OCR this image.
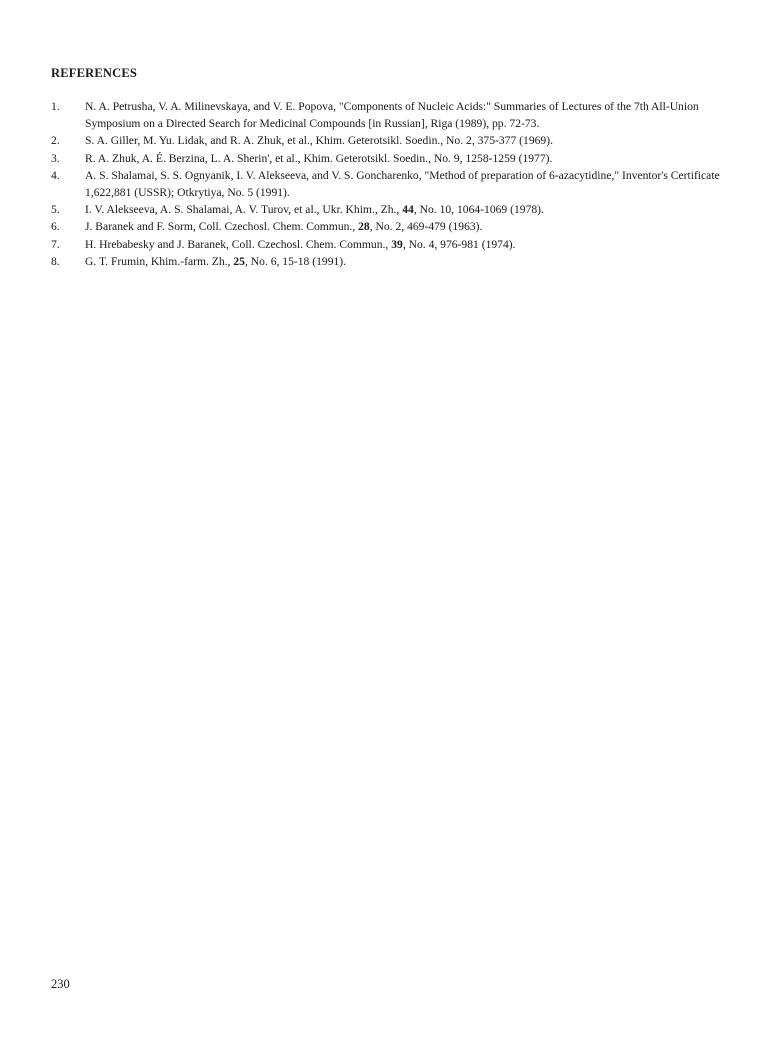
REFERENCES
1.	N. A. Petrusha, V. A. Milinevskaya, and V. E. Popova, "Components of Nucleic Acids:" Summaries of Lectures of the 7th All-Union Symposium on a Directed Search for Medicinal Compounds [in Russian], Riga (1989), pp. 72-73.
2.	S. A. Giller, M. Yu. Lidak, and R. A. Zhuk, et al., Khim. Geterotsikl. Soedin., No. 2, 375-377 (1969).
3.	R. A. Zhuk, A. É. Berzina, L. A. Sherin', et al., Khim. Geterotsikl. Soedin., No. 9, 1258-1259 (1977).
4.	A. S. Shalamai, S. S. Ognyanik, I. V. Alekseeva, and V. S. Goncharenko, "Method of preparation of 6-azacytidine," Inventor's Certificate 1,622,881 (USSR); Otkrytiya, No. 5 (1991).
5.	I. V. Alekseeva, A. S. Shalamai, A. V. Turov, et al., Ukr. Khim., Zh., 44, No. 10, 1064-1069 (1978).
6.	J. Baranek and F. Sorm, Coll. Czechosl. Chem. Commun., 28, No. 2, 469-479 (1963).
7.	H. Hrebabesky and J. Baranek, Coll. Czechosl. Chem. Commun., 39, No. 4, 976-981 (1974).
8.	G. T. Frumin, Khim.-farm. Zh., 25, No. 6, 15-18 (1991).
230
